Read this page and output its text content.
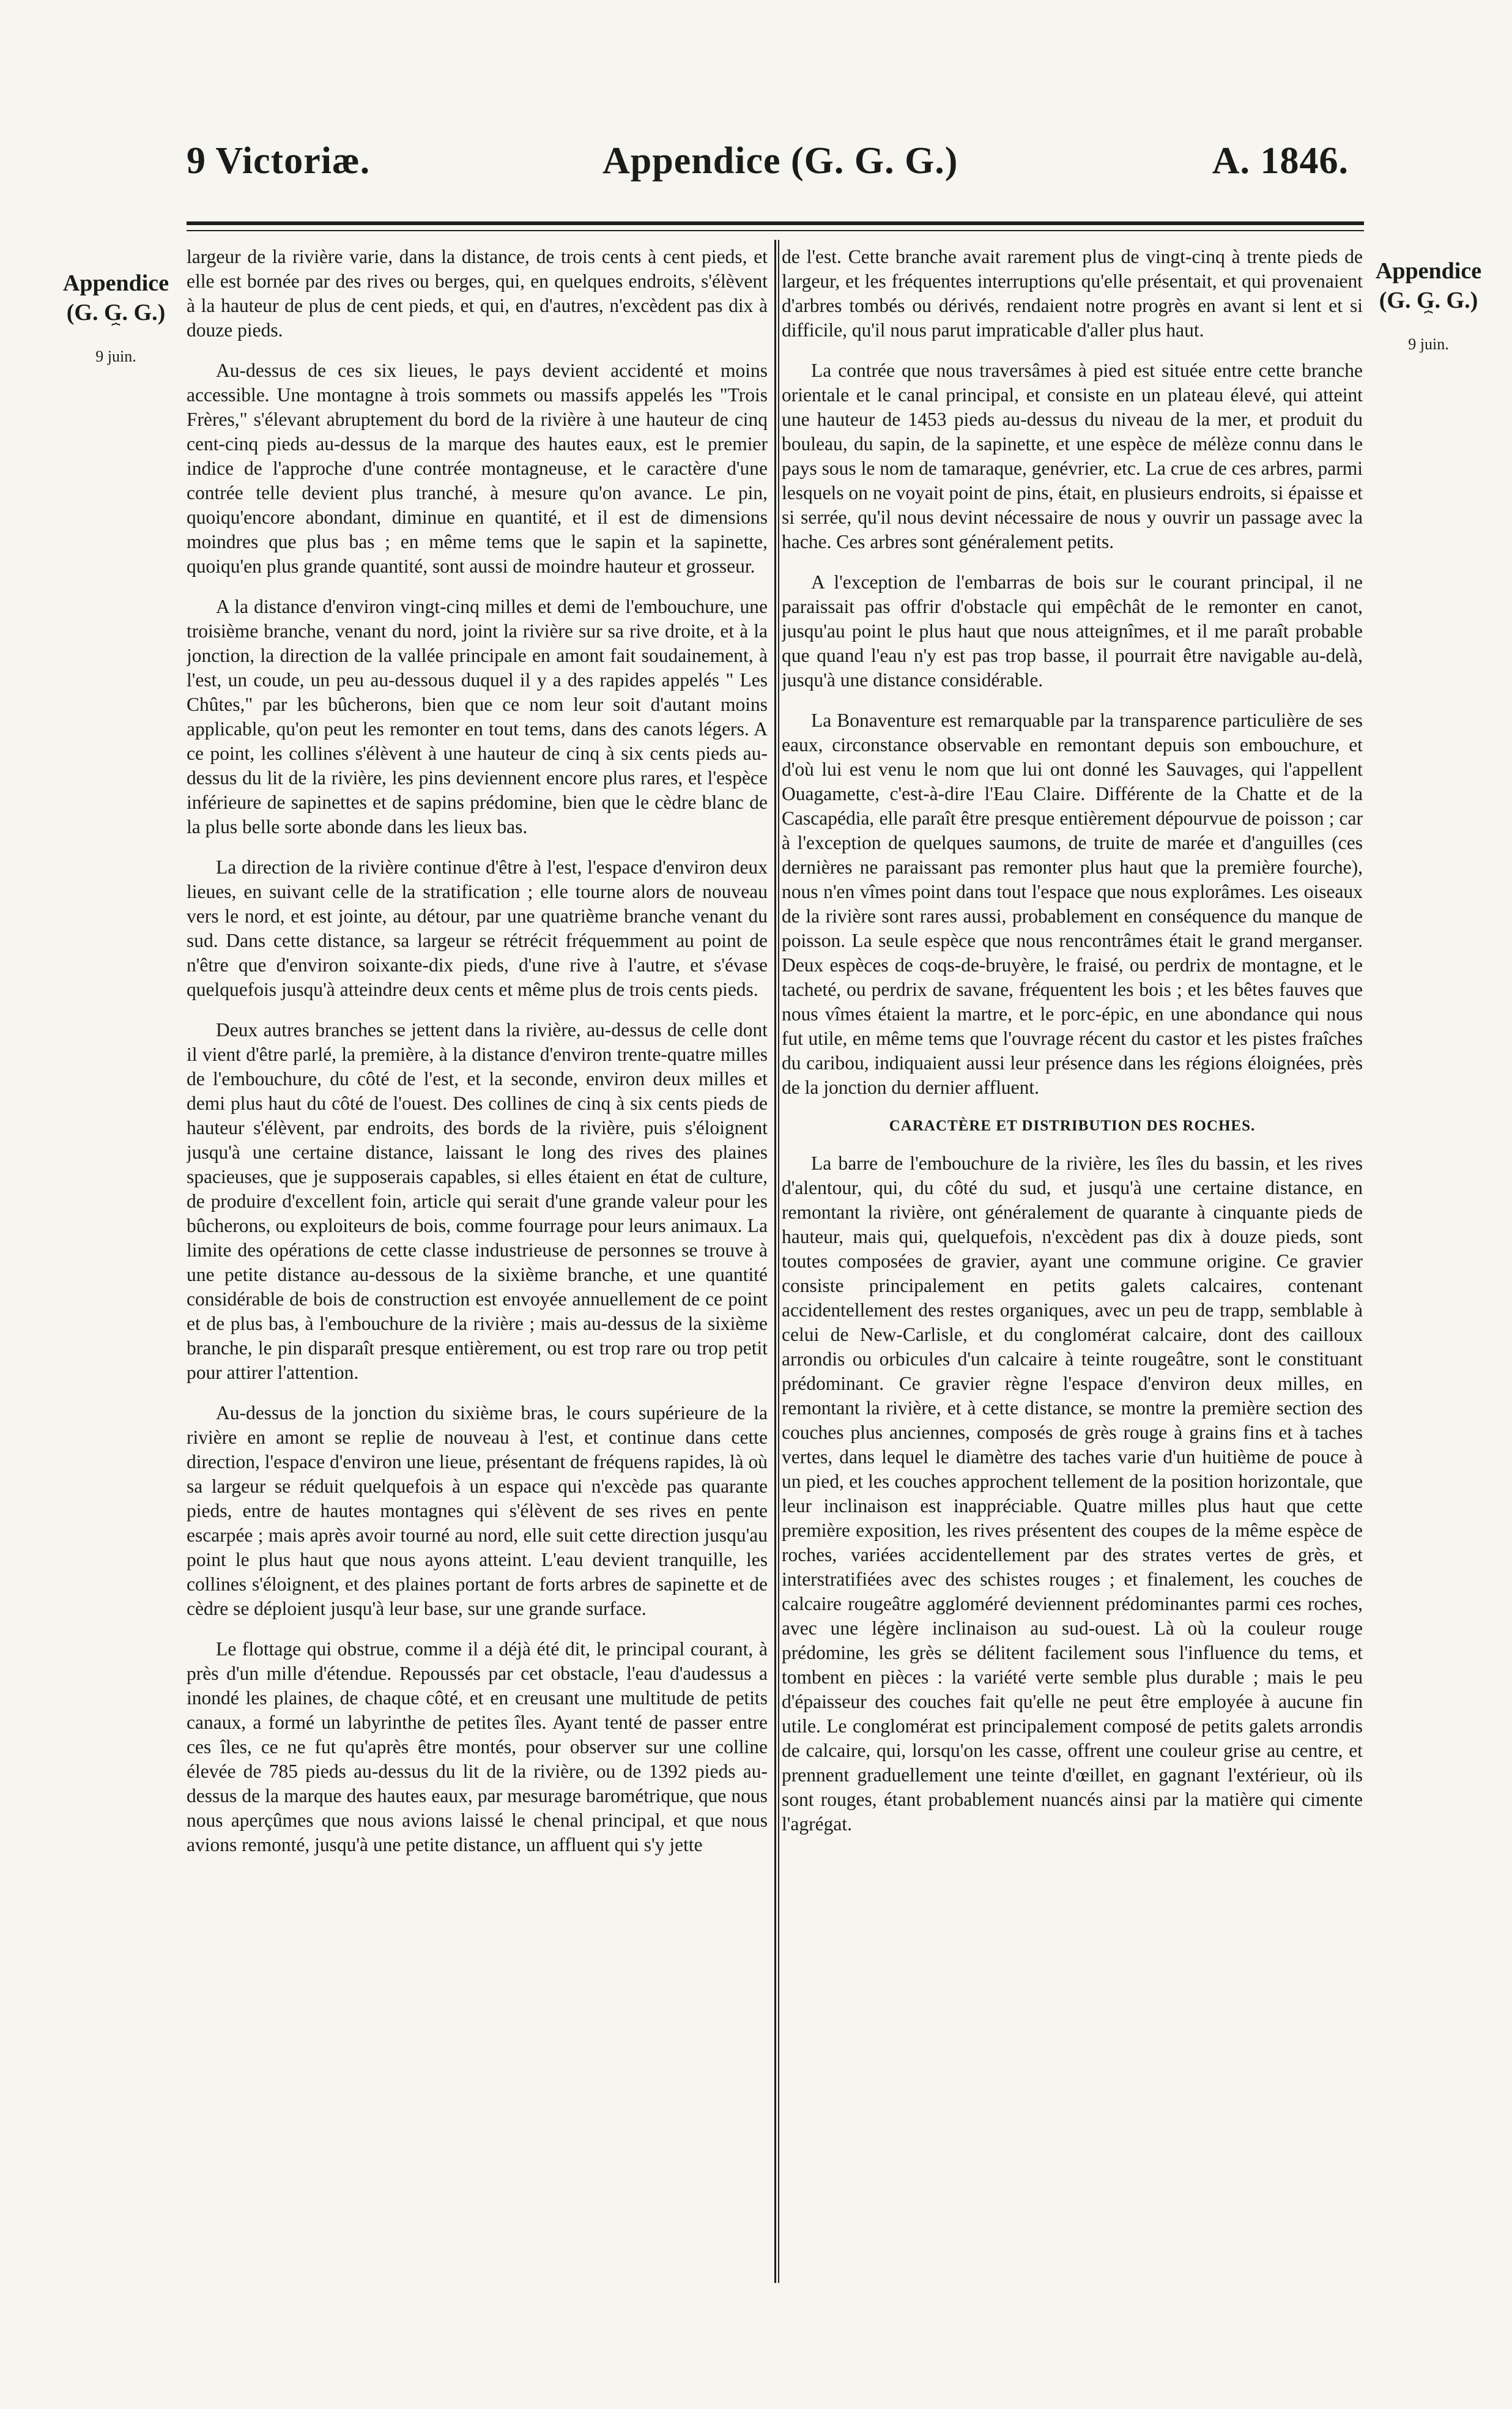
9 Victoriæ.	Appendice (G. G. G.)	A. 1846.
Appendice
(G. G. G.)
⏞
9 juin.
Appendice
(G. G. G.)
⏞
9 juin.

largeur de la rivière varie, dans la distance, de trois cents à cent pieds, et elle est bornée par des rives ou berges, qui, en quelques endroits, s'élèvent à la hauteur de plus de cent pieds, et qui, en d'autres, n'excèdent pas dix à douze pieds.

Au-dessus de ces six lieues, le pays devient accidenté et moins accessible. Une montagne à trois sommets ou massifs appelés les "Trois Frères," s'élevant abruptement du bord de la rivière à une hauteur de cinq cent-cinq pieds au-dessus de la marque des hautes eaux, est le premier indice de l'approche d'une contrée montagneuse, et le caractère d'une contrée telle devient plus tranché, à mesure qu'on avance. Le pin, quoiqu'encore abondant, diminue en quantité, et il est de dimensions moindres que plus bas ; en même tems que le sapin et la sapinette, quoiqu'en plus grande quantité, sont aussi de moindre hauteur et grosseur.

A la distance d'environ vingt-cinq milles et demi de l'embouchure, une troisième branche, venant du nord, joint la rivière sur sa rive droite, et à la jonction, la direction de la vallée principale en amont fait soudainement, à l'est, un coude, un peu au-dessous duquel il y a des rapides appelés " Les Chûtes," par les bûcherons, bien que ce nom leur soit d'autant moins applicable, qu'on peut les remonter en tout tems, dans des canots légers. A ce point, les collines s'élèvent à une hauteur de cinq à six cents pieds au-dessus du lit de la rivière, les pins deviennent encore plus rares, et l'espèce inférieure de sapinettes et de sapins prédomine, bien que le cèdre blanc de la plus belle sorte abonde dans les lieux bas.

La direction de la rivière continue d'être à l'est, l'espace d'environ deux lieues, en suivant celle de la stratification ; elle tourne alors de nouveau vers le nord, et est jointe, au détour, par une quatrième branche venant du sud. Dans cette distance, sa largeur se rétrécit fréquemment au point de n'être que d'environ soixante-dix pieds, d'une rive à l'autre, et s'évase quelquefois jusqu'à atteindre deux cents et même plus de trois cents pieds.

Deux autres branches se jettent dans la rivière, au-dessus de celle dont il vient d'être parlé, la première, à la distance d'environ trente-quatre milles de l'embouchure, du côté de l'est, et la seconde, environ deux milles et demi plus haut du côté de l'ouest. Des collines de cinq à six cents pieds de hauteur s'élèvent, par endroits, des bords de la rivière, puis s'éloignent jusqu'à une certaine distance, laissant le long des rives des plaines spacieuses, que je supposerais capables, si elles étaient en état de culture, de produire d'excellent foin, article qui serait d'une grande valeur pour les bûcherons, ou exploiteurs de bois, comme fourrage pour leurs animaux. La limite des opérations de cette classe industrieuse de personnes se trouve à une petite distance au-dessous de la sixième branche, et une quantité considérable de bois de construction est envoyée annuellement de ce point et de plus bas, à l'embouchure de la rivière ; mais au-dessus de la sixième branche, le pin disparaît presque entièrement, ou est trop rare ou trop petit pour attirer l'attention.

Au-dessus de la jonction du sixième bras, le cours supérieure de la rivière en amont se replie de nouveau à l'est, et continue dans cette direction, l'espace d'environ une lieue, présentant de fréquens rapides, là où sa largeur se réduit quelquefois à un espace qui n'excède pas quarante pieds, entre de hautes montagnes qui s'élèvent de ses rives en pente escarpée ; mais après avoir tourné au nord, elle suit cette direction jusqu'au point le plus haut que nous ayons atteint. L'eau devient tranquille, les collines s'éloignent, et des plaines portant de forts arbres de sapinette et de cèdre se déploient jusqu'à leur base, sur une grande surface.

Le flottage qui obstrue, comme il a déjà été dit, le principal courant, à près d'un mille d'étendue. Repoussés par cet obstacle, l'eau d'audessus a inondé les plaines, de chaque côté, et en creusant une multitude de petits canaux, a formé un labyrinthe de petites îles. Ayant tenté de passer entre ces îles, ce ne fut qu'après être montés, pour observer sur une colline élevée de 785 pieds au-dessus du lit de la rivière, ou de 1392 pieds au-dessus de la marque des hautes eaux, par mesurage barométrique, que nous nous aperçûmes que nous avions laissé le chenal principal, et que nous avions remonté, jusqu'à une petite distance, un affluent qui s'y jette

de l'est. Cette branche avait rarement plus de vingt-cinq à trente pieds de largeur, et les fréquentes interruptions qu'elle présentait, et qui provenaient d'arbres tombés ou dérivés, rendaient notre progrès en avant si lent et si difficile, qu'il nous parut impraticable d'aller plus haut.

La contrée que nous traversâmes à pied est située entre cette branche orientale et le canal principal, et consiste en un plateau élevé, qui atteint une hauteur de 1453 pieds au-dessus du niveau de la mer, et produit du bouleau, du sapin, de la sapinette, et une espèce de mélèze connu dans le pays sous le nom de tamaraque, genévrier, etc. La crue de ces arbres, parmi lesquels on ne voyait point de pins, était, en plusieurs endroits, si épaisse et si serrée, qu'il nous devint nécessaire de nous y ouvrir un passage avec la hache. Ces arbres sont généralement petits.

A l'exception de l'embarras de bois sur le courant principal, il ne paraissait pas offrir d'obstacle qui empêchât de le remonter en canot, jusqu'au point le plus haut que nous atteignîmes, et il me paraît probable que quand l'eau n'y est pas trop basse, il pourrait être navigable au-delà, jusqu'à une distance considérable.

La Bonaventure est remarquable par la transparence particulière de ses eaux, circonstance observable en remontant depuis son embouchure, et d'où lui est venu le nom que lui ont donné les Sauvages, qui l'appellent Ouagamette, c'est-à-dire l'Eau Claire. Différente de la Chatte et de la Cascapédia, elle paraît être presque entièrement dépourvue de poisson ; car à l'exception de quelques saumons, de truite de marée et d'anguilles (ces dernières ne paraissant pas remonter plus haut que la première fourche), nous n'en vîmes point dans tout l'espace que nous explorâmes. Les oiseaux de la rivière sont rares aussi, probablement en conséquence du manque de poisson. La seule espèce que nous rencontrâmes était le grand merganser. Deux espèces de coqs-de-bruyère, le fraisé, ou perdrix de montagne, et le tacheté, ou perdrix de savane, fréquentent les bois ; et les bêtes fauves que nous vîmes étaient la martre, et le porc-épic, en une abondance qui nous fut utile, en même tems que l'ouvrage récent du castor et les pistes fraîches du caribou, indiquaient aussi leur présence dans les régions éloignées, près de la jonction du dernier affluent.

CARACTÈRE ET DISTRIBUTION DES ROCHES.

La barre de l'embouchure de la rivière, les îles du bassin, et les rives d'alentour, qui, du côté du sud, et jusqu'à une certaine distance, en remontant la rivière, ont généralement de quarante à cinquante pieds de hauteur, mais qui, quelquefois, n'excèdent pas dix à douze pieds, sont toutes composées de gravier, ayant une commune origine. Ce gravier consiste principalement en petits galets calcaires, contenant accidentellement des restes organiques, avec un peu de trapp, semblable à celui de New-Carlisle, et du conglomérat calcaire, dont des cailloux arrondis ou orbicules d'un calcaire à teinte rougeâtre, sont le constituant prédominant. Ce gravier règne l'espace d'environ deux milles, en remontant la rivière, et à cette distance, se montre la première section des couches plus anciennes, composés de grès rouge à grains fins et à taches vertes, dans lequel le diamètre des taches varie d'un huitième de pouce à un pied, et les couches approchent tellement de la position horizontale, que leur inclinaison est inappréciable. Quatre milles plus haut que cette première exposition, les rives présentent des coupes de la même espèce de roches, variées accidentellement par des strates vertes de grès, et interstratifiées avec des schistes rouges ; et finalement, les couches de calcaire rougeâtre aggloméré deviennent prédominantes parmi ces roches, avec une légère inclinaison au sud-ouest. Là où la couleur rouge prédomine, les grès se délitent facilement sous l'influence du tems, et tombent en pièces : la variété verte semble plus durable ; mais le peu d'épaisseur des couches fait qu'elle ne peut être employée à aucune fin utile. Le conglomérat est principalement composé de petits galets arrondis de calcaire, qui, lorsqu'on les casse, offrent une couleur grise au centre, et prennent graduellement une teinte d'œillet, en gagnant l'extérieur, où ils sont rouges, étant probablement nuancés ainsi par la matière qui cimente l'agrégat.
